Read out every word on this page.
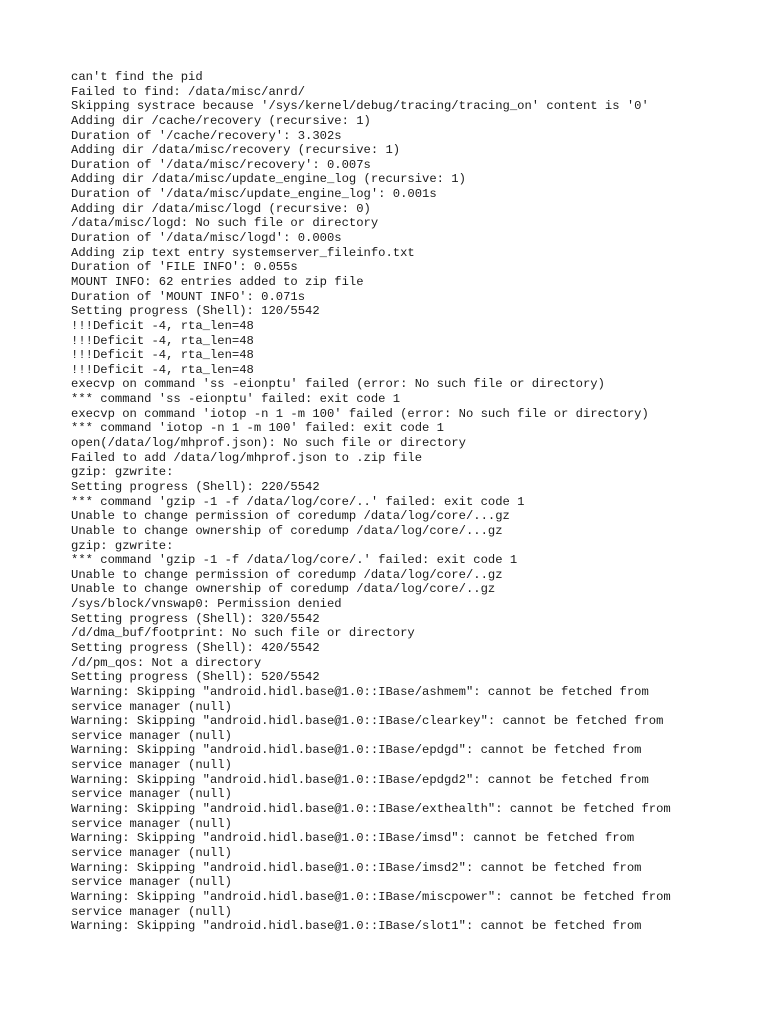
can't find the pid
Failed to find: /data/misc/anrd/
Skipping systrace because '/sys/kernel/debug/tracing/tracing_on' content is '0'
Adding dir /cache/recovery (recursive: 1)
Duration of '/cache/recovery': 3.302s
Adding dir /data/misc/recovery (recursive: 1)
Duration of '/data/misc/recovery': 0.007s
Adding dir /data/misc/update_engine_log (recursive: 1)
Duration of '/data/misc/update_engine_log': 0.001s
Adding dir /data/misc/logd (recursive: 0)
/data/misc/logd: No such file or directory
Duration of '/data/misc/logd': 0.000s
Adding zip text entry systemserver_fileinfo.txt
Duration of 'FILE INFO': 0.055s
MOUNT INFO: 62 entries added to zip file
Duration of 'MOUNT INFO': 0.071s
Setting progress (Shell): 120/5542
!!!Deficit -4, rta_len=48
!!!Deficit -4, rta_len=48
!!!Deficit -4, rta_len=48
!!!Deficit -4, rta_len=48
execvp on command 'ss -eionptu' failed (error: No such file or directory)
*** command 'ss -eionptu' failed: exit code 1
execvp on command 'iotop -n 1 -m 100' failed (error: No such file or directory)
*** command 'iotop -n 1 -m 100' failed: exit code 1
open(/data/log/mhprof.json): No such file or directory
Failed to add /data/log/mhprof.json to .zip file
gzip: gzwrite:
Setting progress (Shell): 220/5542
*** command 'gzip -1 -f /data/log/core/..' failed: exit code 1
Unable to change permission of coredump /data/log/core/...gz
Unable to change ownership of coredump /data/log/core/...gz
gzip: gzwrite:
*** command 'gzip -1 -f /data/log/core/.' failed: exit code 1
Unable to change permission of coredump /data/log/core/..gz
Unable to change ownership of coredump /data/log/core/..gz
/sys/block/vnswap0: Permission denied
Setting progress (Shell): 320/5542
/d/dma_buf/footprint: No such file or directory
Setting progress (Shell): 420/5542
/d/pm_qos: Not a directory
Setting progress (Shell): 520/5542
Warning: Skipping "android.hidl.base@1.0::IBase/ashmem": cannot be fetched from
service manager (null)
Warning: Skipping "android.hidl.base@1.0::IBase/clearkey": cannot be fetched from
service manager (null)
Warning: Skipping "android.hidl.base@1.0::IBase/epdgd": cannot be fetched from
service manager (null)
Warning: Skipping "android.hidl.base@1.0::IBase/epdgd2": cannot be fetched from
service manager (null)
Warning: Skipping "android.hidl.base@1.0::IBase/exthealth": cannot be fetched from
service manager (null)
Warning: Skipping "android.hidl.base@1.0::IBase/imsd": cannot be fetched from
service manager (null)
Warning: Skipping "android.hidl.base@1.0::IBase/imsd2": cannot be fetched from
service manager (null)
Warning: Skipping "android.hidl.base@1.0::IBase/miscpower": cannot be fetched from
service manager (null)
Warning: Skipping "android.hidl.base@1.0::IBase/slot1": cannot be fetched from
